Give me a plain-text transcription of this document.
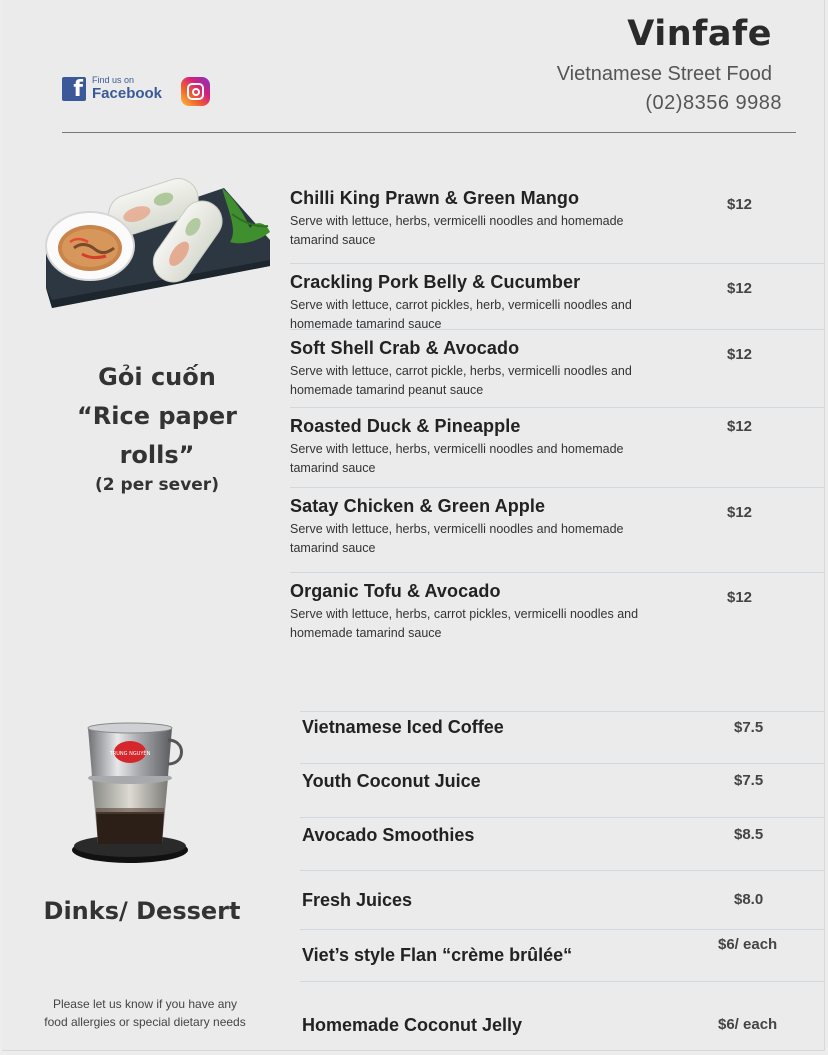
Vinfafe
Vietnamese Street Food
(02)8356 9988
f	Find us on
Facebook
Gỏi cuốn
“Rice paper
rolls”
(2 per sever)
Chilli King Prawn & Green Mango
Serve with lettuce, herbs, vermicelli noodles and homemade tamarind sauce
$12
Crackling Pork Belly & Cucumber
Serve with lettuce, carrot pickles, herb, vermicelli noodles and homemade tamarind sauce
$12
Soft Shell Crab & Avocado
Serve with lettuce, carrot pickle, herbs, vermicelli noodles and homemade tamarind peanut sauce
$12
Roasted Duck & Pineapple
Serve with lettuce, herbs, vermicelli noodles and homemade tamarind sauce
$12
Satay Chicken & Green Apple
Serve with lettuce, herbs, vermicelli noodles and homemade tamarind sauce
$12
Organic Tofu & Avocado
Serve with lettuce, herbs, carrot pickles, vermicelli noodles and homemade tamarind sauce
$12
TRUNG NGUYÊN
Dinks/ Dessert
Please let us know if you have any
food allergies or special dietary needs
Vietnamese Iced Coffee	$7.5
Youth Coconut Juice	$7.5
Avocado Smoothies	$8.5
Fresh Juices	$8.0
Viet’s style Flan “crème brûlée“
$6/ each
Homemade Coconut Jelly	$6/ each
